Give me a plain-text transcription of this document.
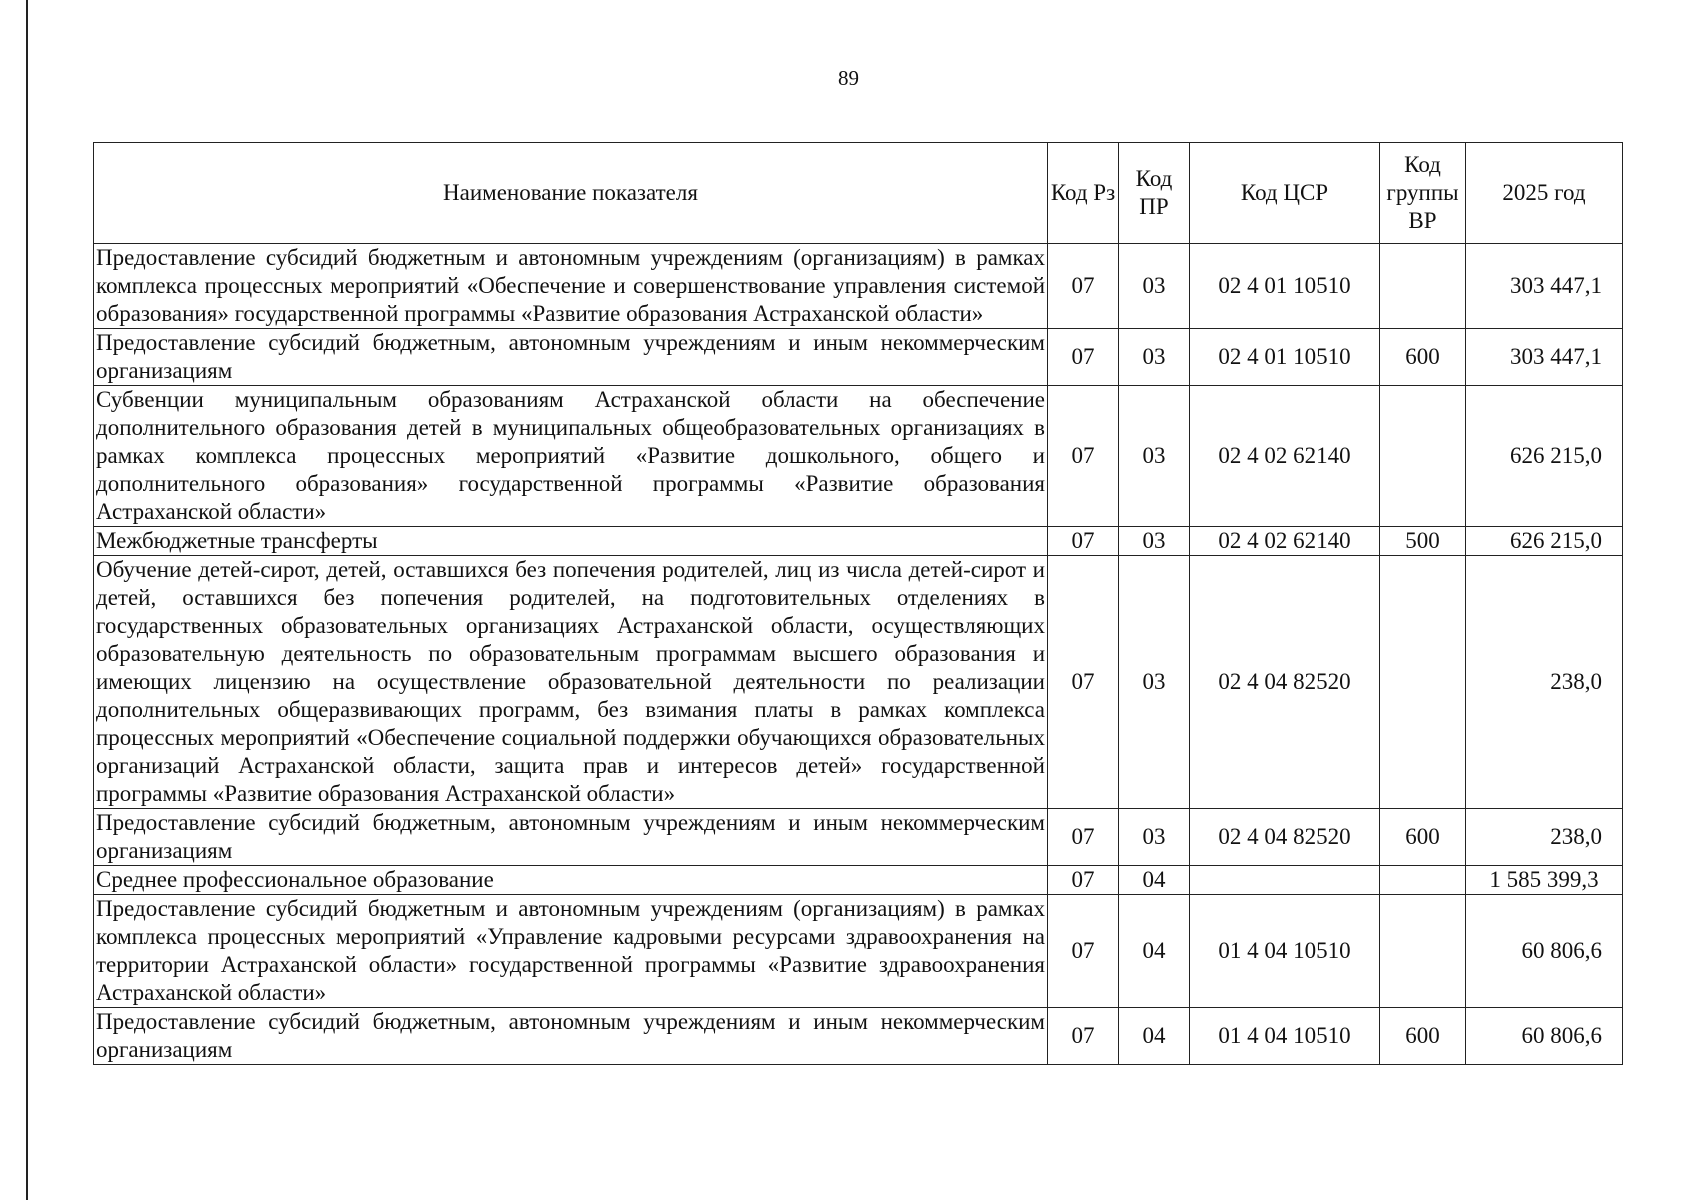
89
Наименование показателя	Код Рз	Код ПР	Код ЦСР	Код группы ВР	2025 год
Предоставление субсидий бюджетным и автономным учреждениям (организациям) в рамках комплекса процессных мероприятий «Обеспечение и совершенствование управления системой образования» государственной программы «Развитие образования Астраханской области»	07	03	02 4 01 10510		303 447,1
Предоставление субсидий бюджетным, автономным учреждениям и иным некоммерческим организациям	07	03	02 4 01 10510	600	303 447,1
Субвенции муниципальным образованиям Астраханской области на обеспечение дополнительного образования детей в муниципальных общеобразовательных организациях в рамках комплекса процессных мероприятий «Развитие дошкольного, общего и дополнительного образования» государственной программы «Развитие образования Астраханской области»	07	03	02 4 02 62140		626 215,0
Межбюджетные трансферты	07	03	02 4 02 62140	500	626 215,0
Обучение детей-сирот, детей, оставшихся без попечения родителей, лиц из числа детей-сирот и детей, оставшихся без попечения родителей, на подготовительных отделениях в государственных образовательных организациях Астраханской области, осуществляющих образовательную деятельность по образовательным программам высшего образования и имеющих лицензию на осуществление образовательной деятельности по реализации дополнительных общеразвивающих программ, без взимания платы в рамках комплекса процессных мероприятий «Обеспечение социальной поддержки обучающихся образовательных организаций Астраханской области, защита прав и интересов детей» государственной программы «Развитие образования Астраханской области»	07	03	02 4 04 82520		238,0
Предоставление субсидий бюджетным, автономным учреждениям и иным некоммерческим организациям	07	03	02 4 04 82520	600	238,0
Среднее профессиональное образование	07	04			1 585 399,3
Предоставление субсидий бюджетным и автономным учреждениям (организациям) в рамках комплекса процессных мероприятий «Управление кадровыми ресурсами здравоохранения на территории Астраханской области» государственной программы «Развитие здравоохранения Астраханской области»	07	04	01 4 04 10510		60 806,6
Предоставление субсидий бюджетным, автономным учреждениям и иным некоммерческим организациям	07	04	01 4 04 10510	600	60 806,6
